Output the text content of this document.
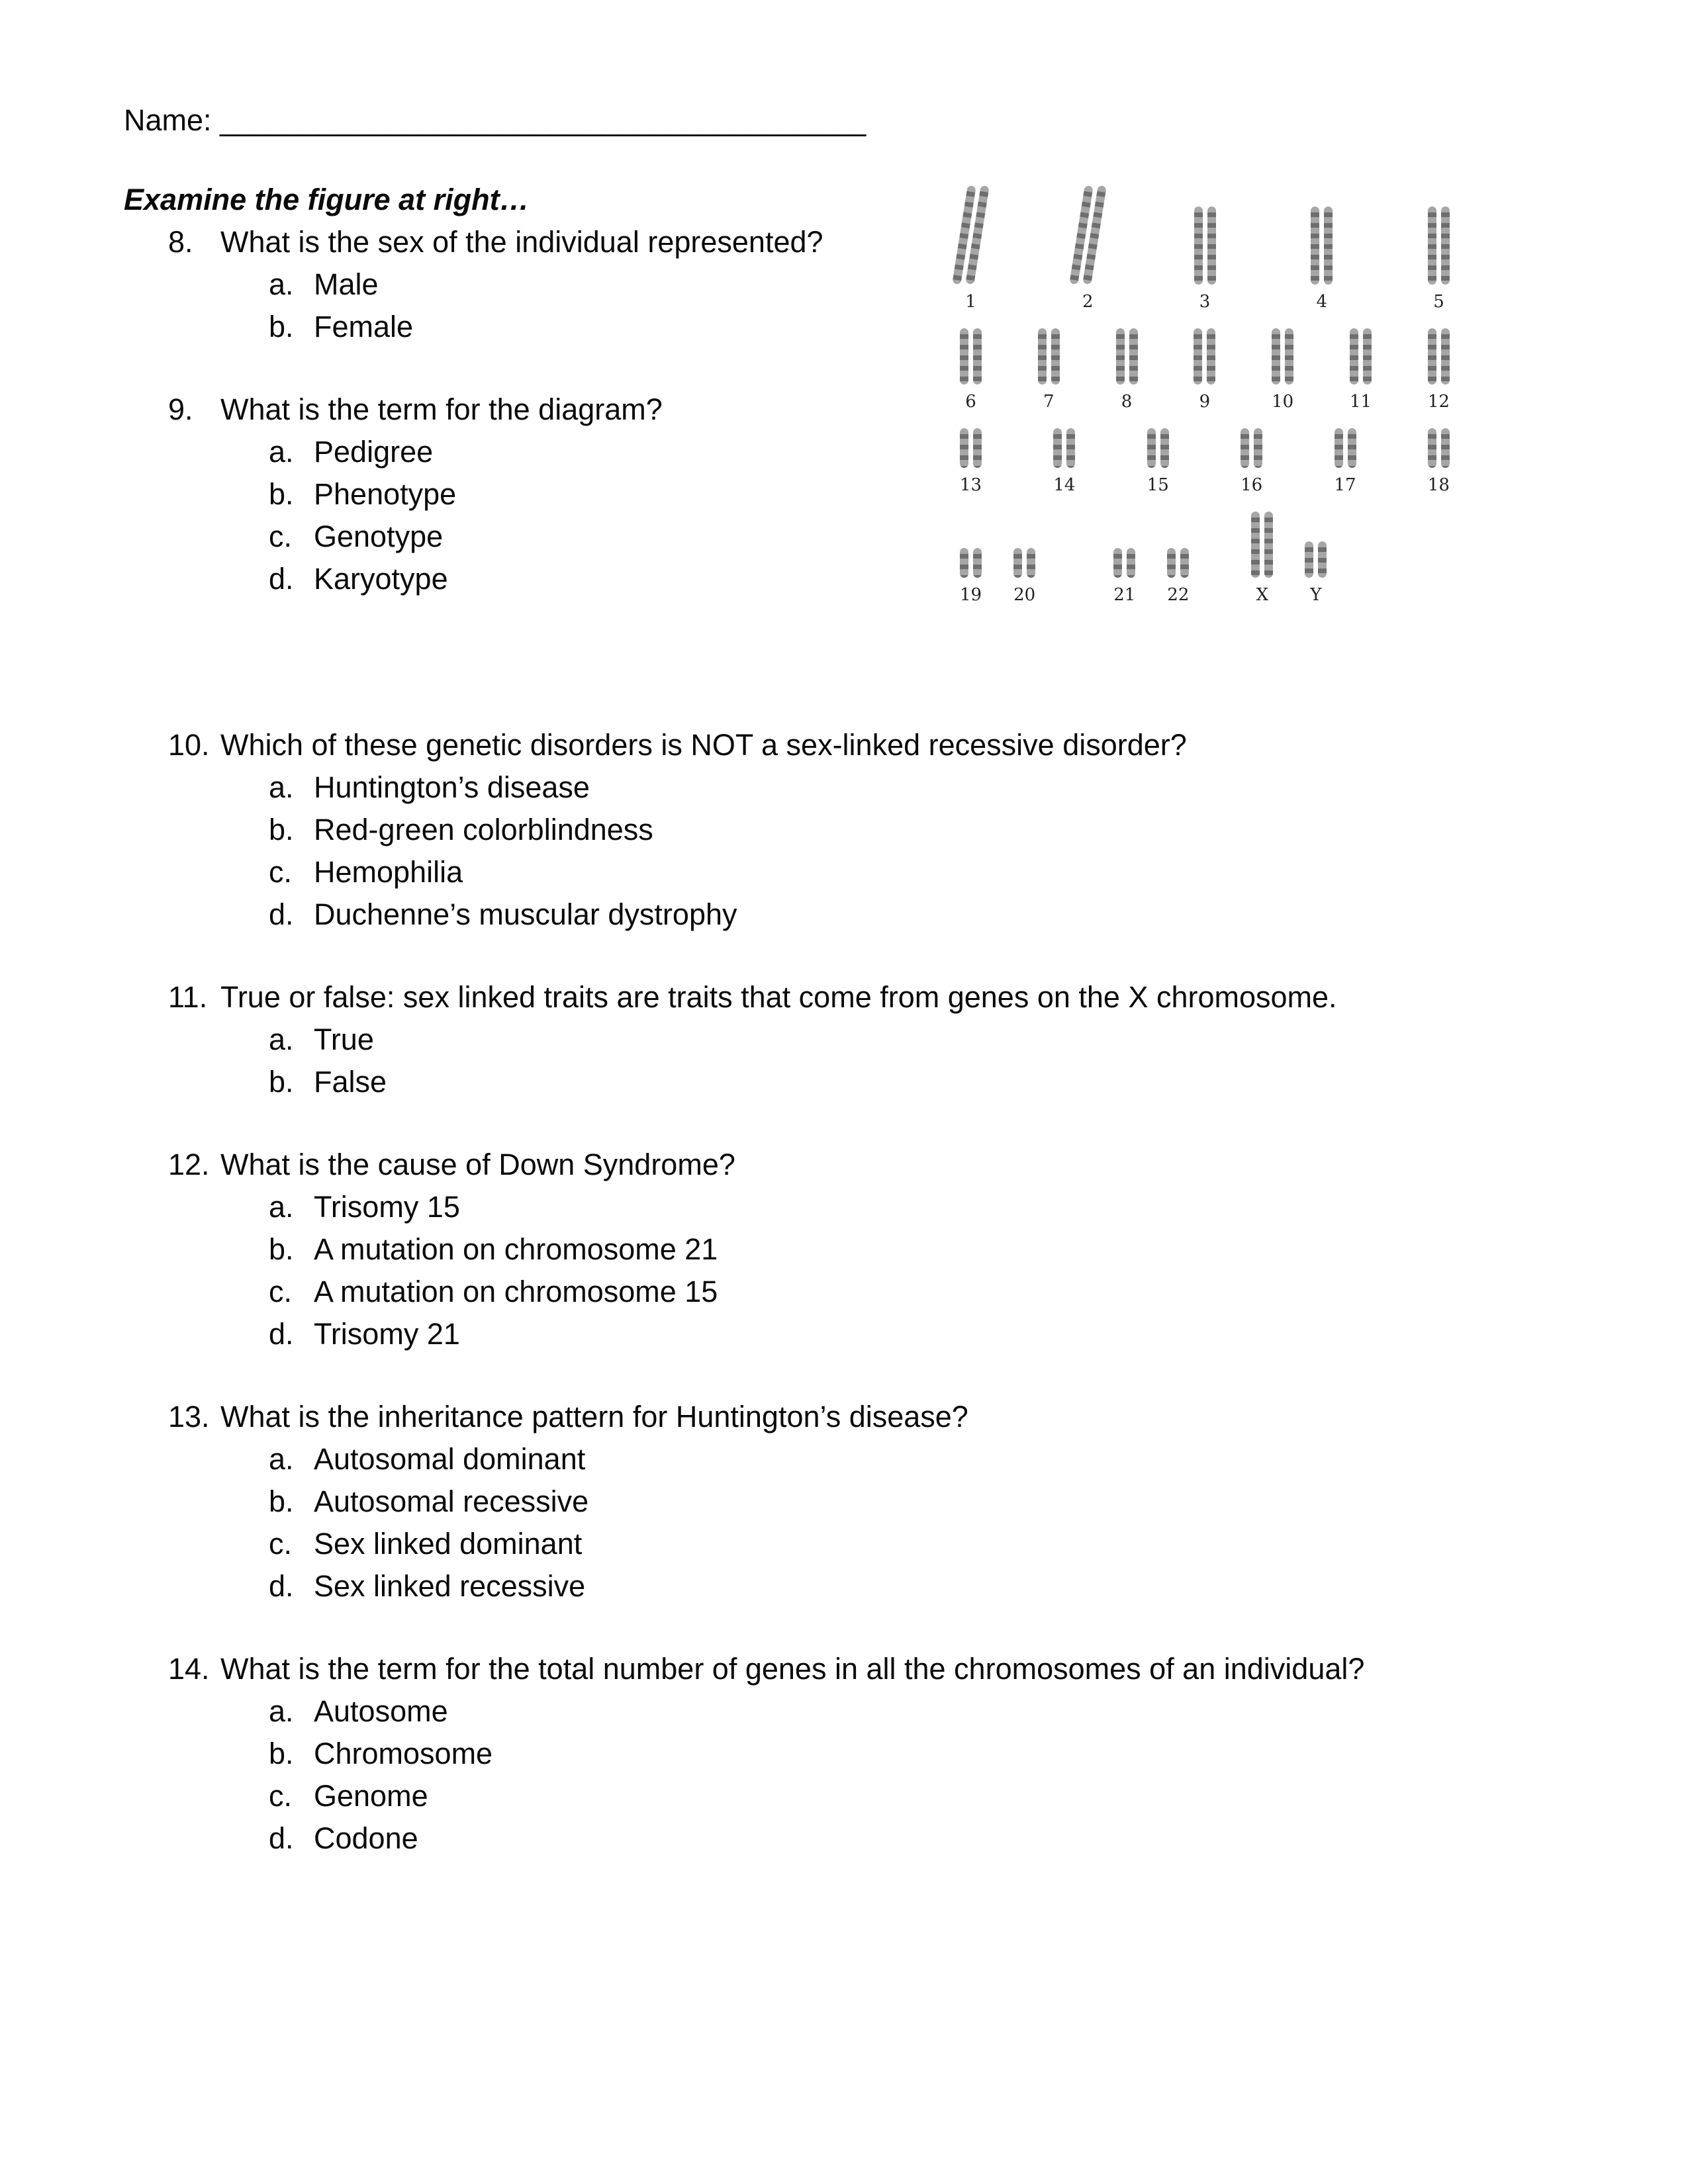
Name: _______________________________________
Examine the figure at right…
8. What is the sex of the individual represented?
a. Male
b. Female
9. What is the term for the diagram?
a. Pedigree
b. Phenotype
c. Genotype
d. Karyotype
10. Which of these genetic disorders is NOT a sex-linked recessive disorder?
a. Huntington’s disease
b. Red-green colorblindness
c. Hemophilia
d. Duchenne’s muscular dystrophy
11. True or false: sex linked traits are traits that come from genes on the X chromosome.
a. True
b. False
12. What is the cause of Down Syndrome?
a. Trisomy 15
b. A mutation on chromosome 21
c. A mutation on chromosome 15
d. Trisomy 21
13. What is the inheritance pattern for Huntington’s disease?
a. Autosomal dominant
b. Autosomal recessive
c. Sex linked dominant
d. Sex linked recessive
14. What is the term for the total number of genes in all the chromosomes of an individual?
a. Autosome
b. Chromosome
c. Genome
d. Codone
1	2	3	4	5
6	7	8	9	10	11	12
13	14	15	16	17	18
19 20	21 22	X Y
